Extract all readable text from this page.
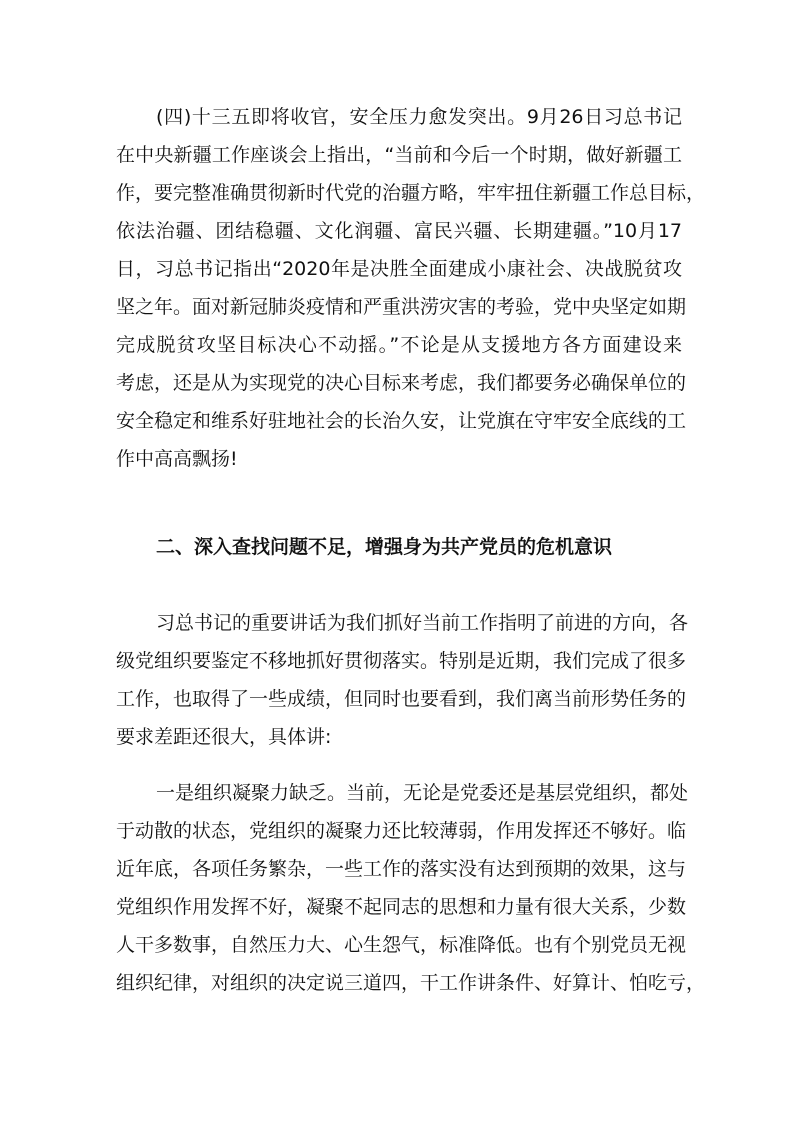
(四)十三五即将收官，安全压力愈发突出。9月26日习总书记
在中央新疆工作座谈会上指出，“当前和今后一个时期，做好新疆工
作，要完整准确贯彻新时代党的治疆方略，牢牢扭住新疆工作总目标，
依法治疆、团结稳疆、文化润疆、富民兴疆、长期建疆。”10月17
日，习总书记指出“2020年是决胜全面建成小康社会、决战脱贫攻
坚之年。面对新冠肺炎疫情和严重洪涝灾害的考验，党中央坚定如期
完成脱贫攻坚目标决心不动摇。”不论是从支援地方各方面建设来
考虑，还是从为实现党的决心目标来考虑，我们都要务必确保单位的
安全稳定和维系好驻地社会的长治久安，让党旗在守牢安全底线的工
作中高高飘扬!
二、深入查找问题不足，增强身为共产党员的危机意识
习总书记的重要讲话为我们抓好当前工作指明了前进的方向，各
级党组织要鉴定不移地抓好贯彻落实。特别是近期，我们完成了很多
工作，也取得了一些成绩，但同时也要看到，我们离当前形势任务的
要求差距还很大，具体讲:
一是组织凝聚力缺乏。当前，无论是党委还是基层党组织，都处
于动散的状态，党组织的凝聚力还比较薄弱，作用发挥还不够好。临
近年底，各项任务繁杂，一些工作的落实没有达到预期的效果，这与
党组织作用发挥不好，凝聚不起同志的思想和力量有很大关系，少数
人干多数事，自然压力大、心生怨气，标准降低。也有个别党员无视
组织纪律，对组织的决定说三道四，干工作讲条件、好算计、怕吃亏，
